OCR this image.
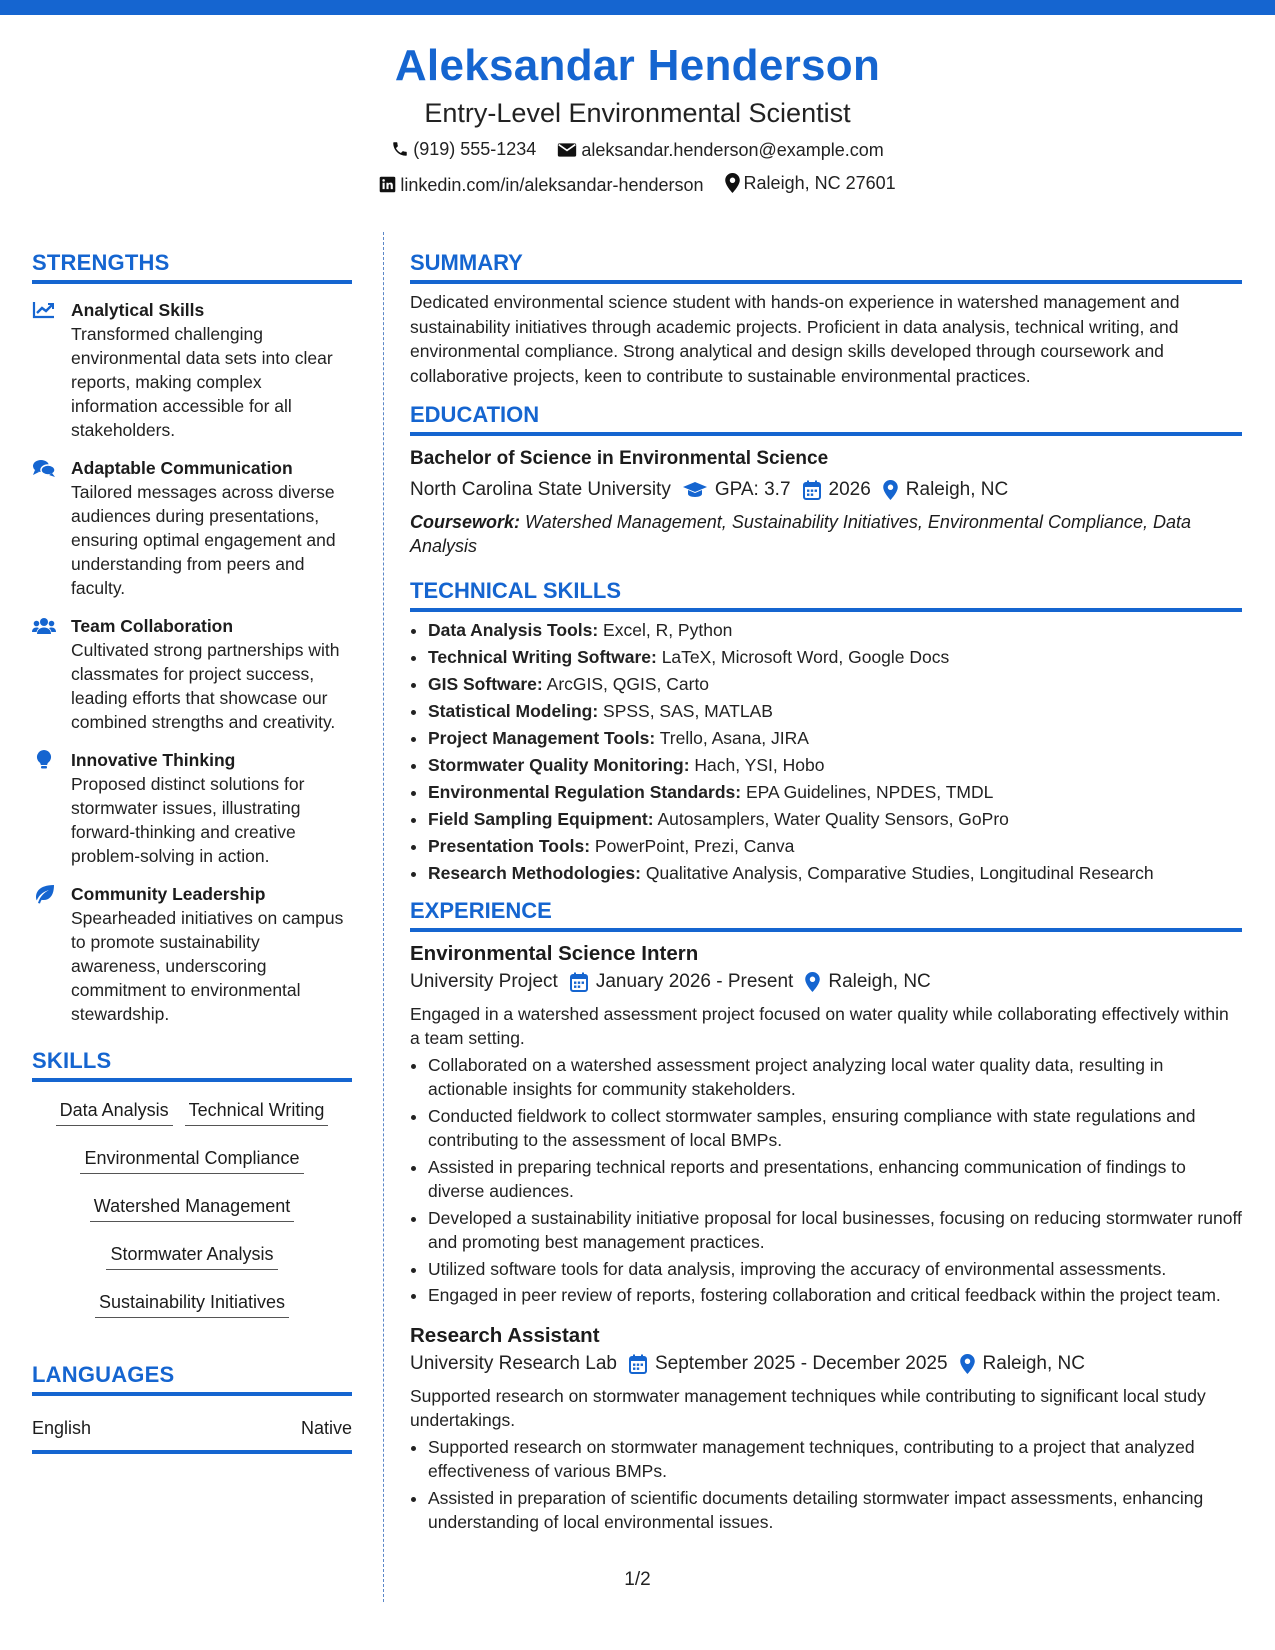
Aleksandar Henderson
Entry-Level Environmental Scientist
(919) 555-1234
	aleksandar.henderson@example.com
linkedin.com/in/aleksandar-henderson
Raleigh, NC 27601
STRENGTHS
Analytical Skills
Transformed challenging environmental data sets into clear reports, making complex information accessible for all stakeholders.
Adaptable Communication
Tailored messages across diverse audiences during presentations, ensuring optimal engagement and understanding from peers and faculty.
Team Collaboration
Cultivated strong partnerships with classmates for project success, leading efforts that showcase our combined strengths and creativity.
Innovative Thinking
Proposed distinct solutions for stormwater issues, illustrating forward-thinking and creative problem-solving in action.
Community Leadership
Spearheaded initiatives on campus to promote sustainability awareness, underscoring commitment to environmental stewardship.
SKILLS
Data Analysis Technical Writing
Environmental Compliance
Watershed Management
Stormwater Analysis
Sustainability Initiatives
LANGUAGES
English	Native
SUMMARY
Dedicated environmental science student with hands-on experience in watershed management and sustainability initiatives through academic projects. Proficient in data analysis, technical writing, and environmental compliance. Strong analytical and design skills developed through coursework and collaborative projects, keen to contribute to sustainable environmental practices.
EDUCATION
Bachelor of Science in Environmental Science
North Carolina State University GPA: 3.7 2026 Raleigh, NC
Coursework: Watershed Management, Sustainability Initiatives, Environmental Compliance, Data Analysis
TECHNICAL SKILLS
• Data Analysis Tools: Excel, R, Python
• Technical Writing Software: LaTeX, Microsoft Word, Google Docs
• GIS Software: ArcGIS, QGIS, Carto
• Statistical Modeling: SPSS, SAS, MATLAB
• Project Management Tools: Trello, Asana, JIRA
• Stormwater Quality Monitoring: Hach, YSI, Hobo
• Environmental Regulation Standards: EPA Guidelines, NPDES, TMDL
• Field Sampling Equipment: Autosamplers, Water Quality Sensors, GoPro
• Presentation Tools: PowerPoint, Prezi, Canva
• Research Methodologies: Qualitative Analysis, Comparative Studies, Longitudinal Research
EXPERIENCE
Environmental Science Intern
University Project January 2026 - Present Raleigh, NC
Engaged in a watershed assessment project focused on water quality while collaborating effectively within a team setting.
• Collaborated on a watershed assessment project analyzing local water quality data, resulting in actionable insights for community stakeholders.
• Conducted fieldwork to collect stormwater samples, ensuring compliance with state regulations and contributing to the assessment of local BMPs.
• Assisted in preparing technical reports and presentations, enhancing communication of findings to diverse audiences.
• Developed a sustainability initiative proposal for local businesses, focusing on reducing stormwater runoff and promoting best management practices.
• Utilized software tools for data analysis, improving the accuracy of environmental assessments.
• Engaged in peer review of reports, fostering collaboration and critical feedback within the project team.
Research Assistant
University Research Lab September 2025 - December 2025 Raleigh, NC
Supported research on stormwater management techniques while contributing to significant local study undertakings.
• Supported research on stormwater management techniques, contributing to a project that analyzed effectiveness of various BMPs.
• Assisted in preparation of scientific documents detailing stormwater impact assessments, enhancing understanding of local environmental issues.
1/2
